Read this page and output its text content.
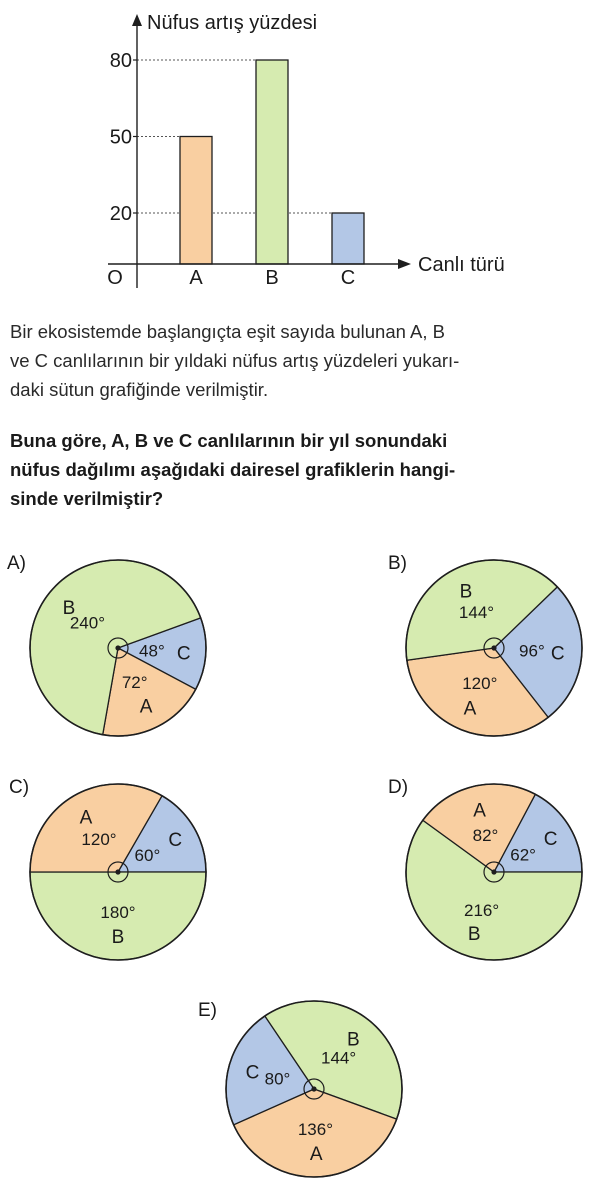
20
50
80
A	B	C
O
Nüfus artış yüzdesi
Canlı türü

Bir ekosistemde başlangıçta eşit sayıda bulunan A, B
ve C canlılarının bir yıldaki nüfus artış yüzdeleri yukarı-
daki sütun grafiğinde verilmiştir.

Buna göre, A, B ve C canlılarının bir yıl sonundaki
nüfus dağılımı aşağıdaki dairesel grafiklerin hangi-
sinde verilmiştir?

A)
48° C
72°
A
240°
B
B)
96° C
120°
A
144°
B
C)
60°
C
180°
B
120°
A
D)
62°
C
216°
B
82°
A
E)
144°
B
136°
A
80°
C
